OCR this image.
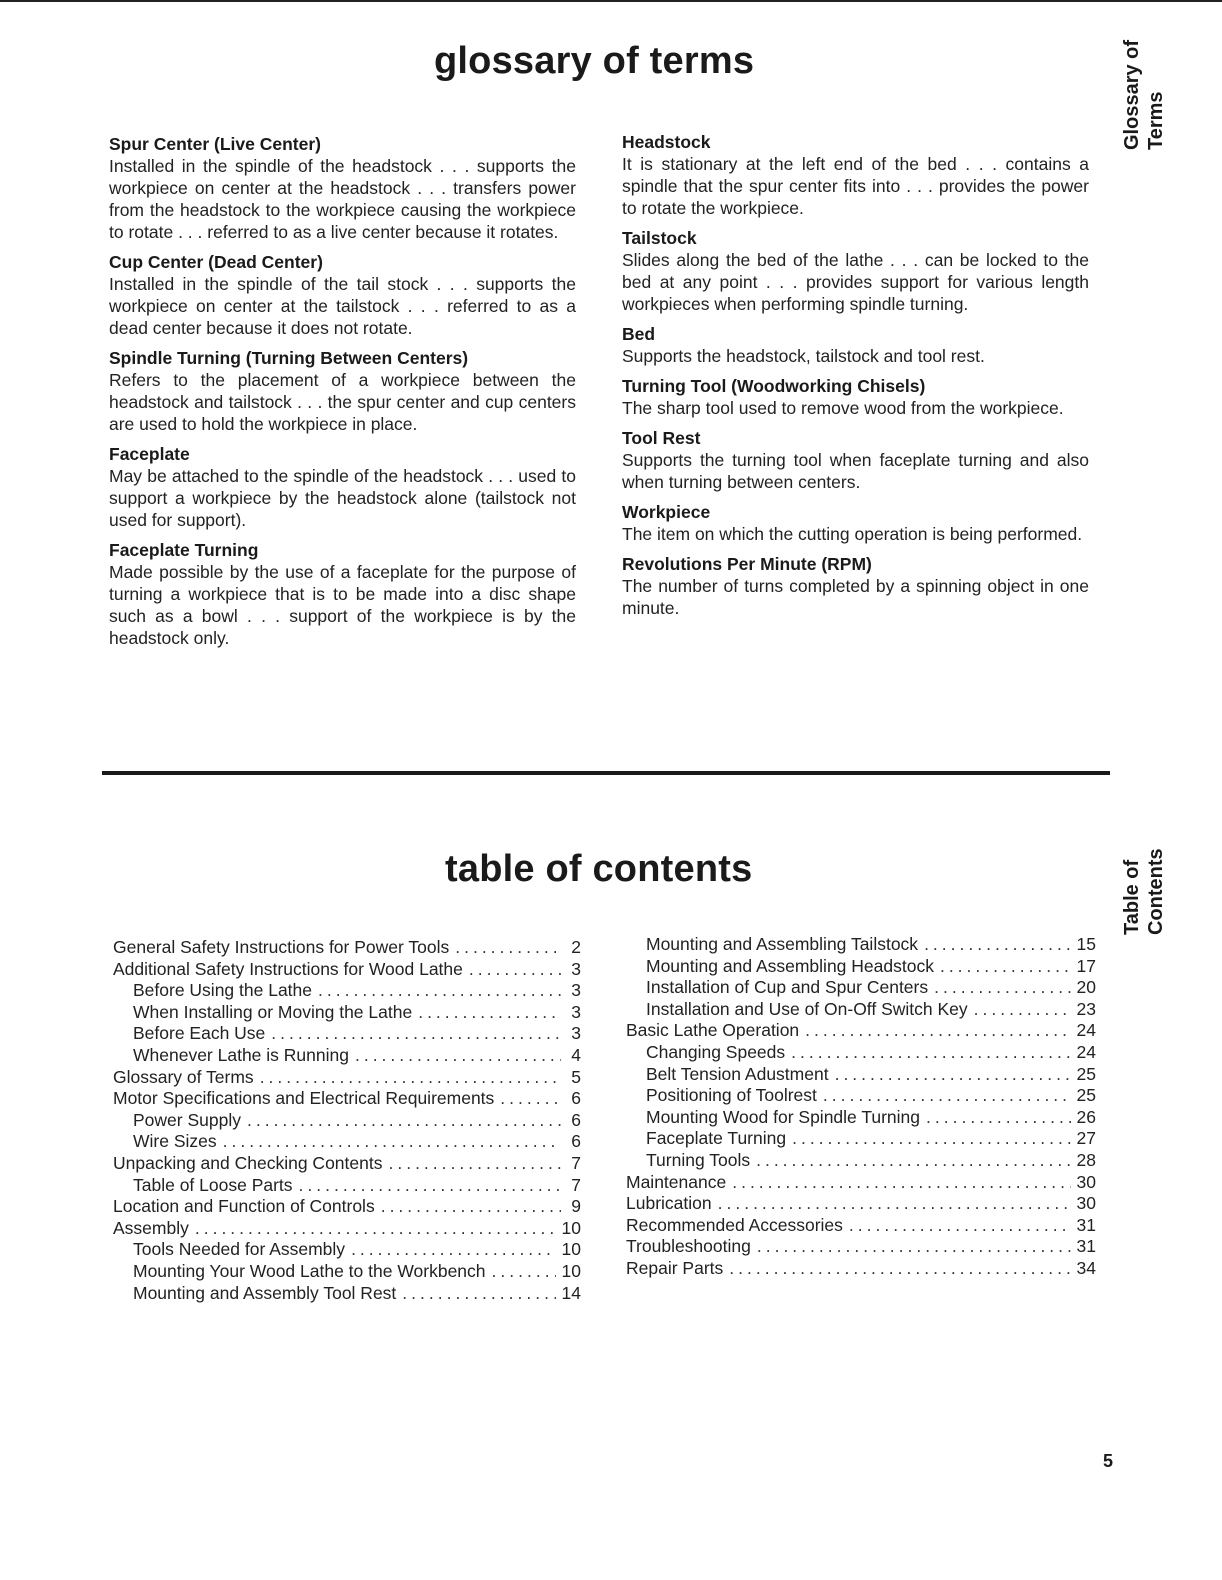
glossary of terms	Glossary of Terms
Spur Center (Live Center)
Installed in the spindle of the headstock . . . supports the workpiece on center at the headstock . . . transfers power from the headstock to the workpiece causing the workpiece to rotate . . . referred to as a live center because it rotates.
Cup Center (Dead Center)
Installed in the spindle of the tail stock . . . supports the workpiece on center at the tailstock . . . referred to as a dead center because it does not rotate.
Spindle Turning (Turning Between Centers)
Refers to the placement of a workpiece between the headstock and tailstock . . . the spur center and cup centers are used to hold the workpiece in place.
Faceplate
May be attached to the spindle of the headstock . . . used to support a workpiece by the headstock alone (tailstock not used for support).
Faceplate Turning
Made possible by the use of a faceplate for the purpose of turning a workpiece that is to be made into a disc shape such as a bowl . . . support of the workpiece is by the headstock only.
Headstock
It is stationary at the left end of the bed . . . contains a spindle that the spur center fits into . . . provides the power to rotate the workpiece.
Tailstock
Slides along the bed of the lathe . . . can be locked to the bed at any point . . . provides support for various length workpieces when performing spindle turning.
Bed
Supports the headstock, tailstock and tool rest.
Turning Tool (Woodworking Chisels)
The sharp tool used to remove wood from the workpiece.
Tool Rest
Supports the turning tool when faceplate turning and also when turning between centers.
Workpiece
The item on which the cutting operation is being performed.
Revolutions Per Minute (RPM)
The number of turns completed by a spinning object in one minute.
table of contents	Table of Contents
General Safety Instructions for Power Tools .....	2
Additional Safety Instructions for Wood Lathe .....	3
Before Using the Lathe .....	3
When Installing or Moving the Lathe .....	3
Before Each Use .....	3
Whenever Lathe is Running .....	4
Glossary of Terms .....	5
Motor Specifications and Electrical Requirements .....	6
Power Supply .....	6
Wire Sizes .....	6
Unpacking and Checking Contents .....	7
Table of Loose Parts .....	7
Location and Function of Controls .....	9
Assembly .....	10
Tools Needed for Assembly .....	10
Mounting Your Wood Lathe to the Workbench .....	10
Mounting and Assembly Tool Rest .....	14
Mounting and Assembling Tailstock .....	15
Mounting and Assembling Headstock .....	17
Installation of Cup and Spur Centers .....	20
Installation and Use of On-Off Switch Key .....	23
Basic Lathe Operation .....	24
Changing Speeds .....	24
Belt Tension Adustment .....	25
Positioning of Toolrest .....	25
Mounting Wood for Spindle Turning .....	26
Faceplate Turning .....	27
Turning Tools .....	28
Maintenance .....	30
Lubrication .....	30
Recommended Accessories .....	31
Troubleshooting .....	31
Repair Parts .....	34
5
